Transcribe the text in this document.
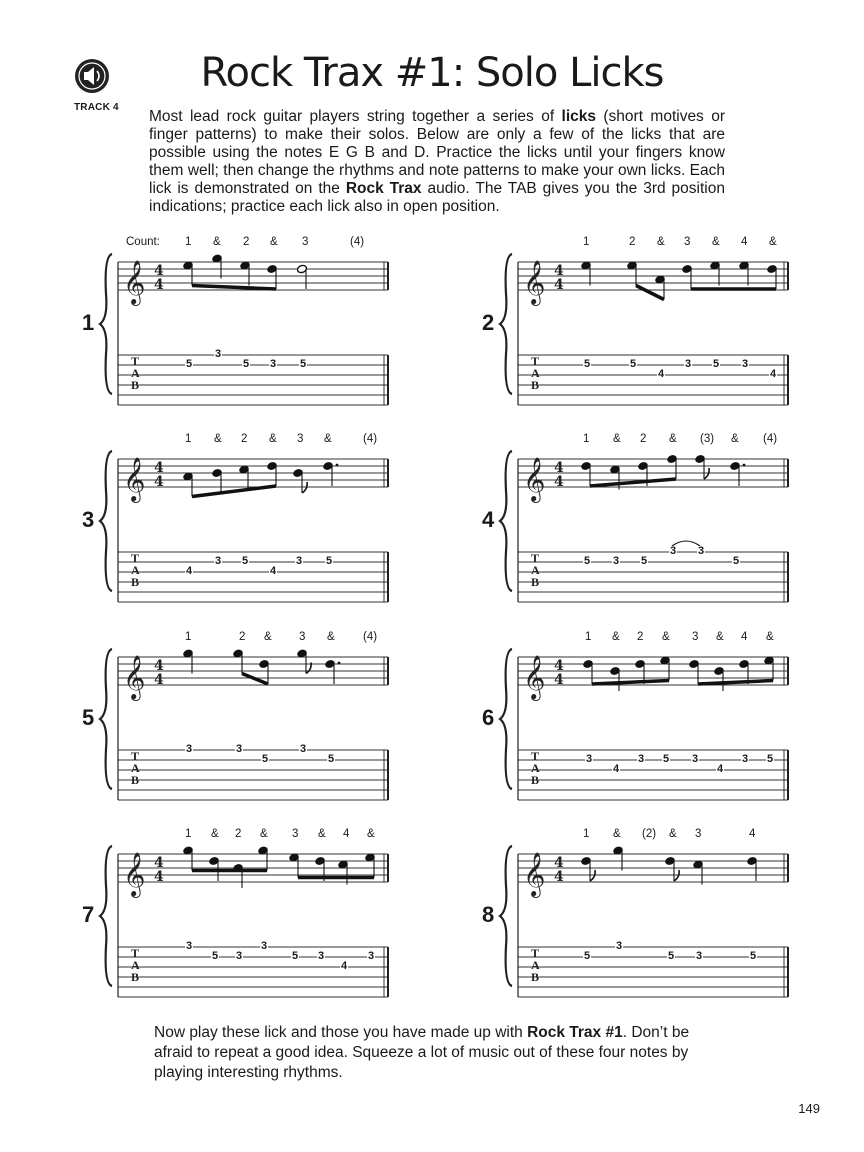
TRACK 4
Rock Trax #1: Solo Licks
Most lead rock guitar players string together a series of licks (short motives or finger patterns) to make their solos. Below are only a few of the licks that are possible using the notes E G B and D. Practice the licks until your fingers know them well; then change the rhythms and note patterns to make your own licks. Each lick is demonstrated on the Rock Trax audio. The TAB gives you the 3rd position indications; practice each lick also in open position.
𝄞 4
4
T
A
B
1
Count: 1 & 2 & 3	(4)
5
3
5 3 5
𝄞 4
4
T
A
B
2
1	2 & 3 & 4 &
5	5
4
3 5 3
4
𝄞 4
4
T
A
B
3
1 & 2 & 3 &	(4)
4
3 5
4
3 5
𝄞 4
4
T
A
B
4
1 & 2 & (3) & (4)
5 3 5
3 3
5
𝄞 4
4
T
A
B
5
1	2 & 3 & (4)
3	3
5
3
5
𝄞 4
4
T
A
B
6
1 & 2 & 3 & 4 &
3
4
3 5 3
4
3 5
𝄞 4
4
T
A
B
7
1 & 2 & 3 & 4 &
3
5 3
3
5 3
4
3
𝄞 4
4
T
A
B
8
1 & (2) & 3	4
5
3
5 3	5
Now play these lick and those you have made up with Rock Trax #1. Don’t be afraid to repeat a good idea. Squeeze a lot of music out of these four notes by playing interesting rhythms.
149
